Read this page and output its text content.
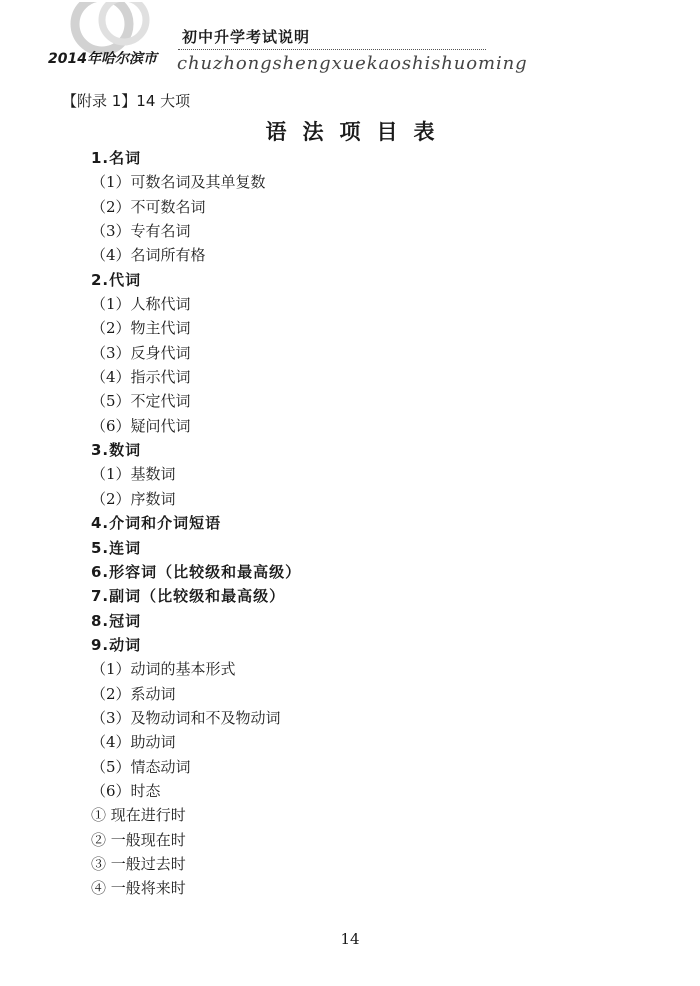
初中升学考试说明
2014年哈尔滨市 chuzhongshengxuekaoshishuoming
【附录 1】14 大项
语法项目表
1.名词
（1）可数名词及其单复数
（2）不可数名词
（3）专有名词
（4）名词所有格
2.代词
（1）人称代词
（2）物主代词
（3）反身代词
（4）指示代词
（5）不定代词
（6）疑问代词
3.数词
（1）基数词
（2）序数词
4.介词和介词短语
5.连词
6.形容词（比较级和最高级）
7.副词（比较级和最高级）
8.冠词
9.动词
（1）动词的基本形式
（2）系动词
（3）及物动词和不及物动词
（4）助动词
（5）情态动词
（6）时态
① 现在进行时
② 一般现在时
③ 一般过去时
④ 一般将来时
14
